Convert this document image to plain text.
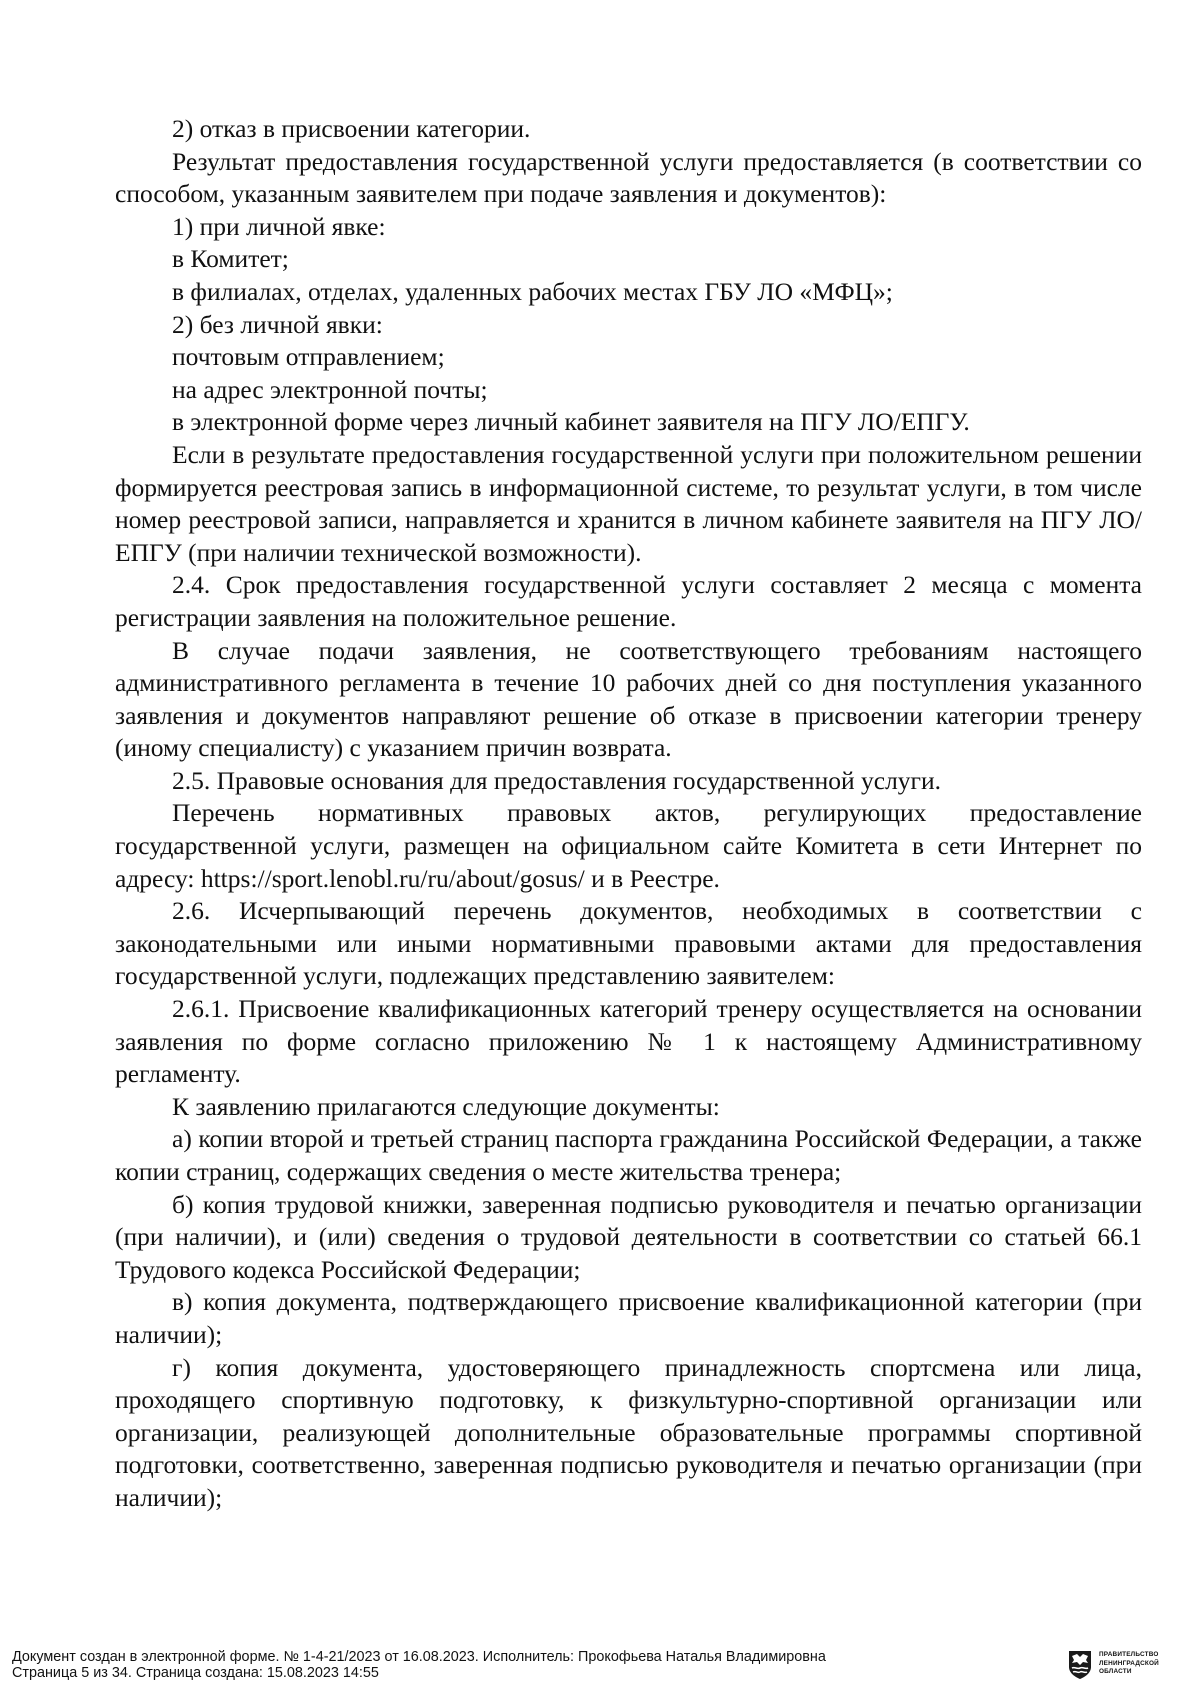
2) отказ в присвоении категории.

Результат предоставления государственной услуги предоставляется (в соответствии со способом, указанным заявителем при подаче заявления и документов):

1) при личной явке:

в Комитет;

в филиалах, отделах, удаленных рабочих местах ГБУ ЛО «МФЦ»;

2) без личной явки:

почтовым отправлением;

на адрес электронной почты;

в электронной форме через личный кабинет заявителя на ПГУ ЛО/ЕПГУ.

Если в результате предоставления государственной услуги при положительном решении формируется реестровая запись в информационной системе, то результат услуги, в том числе номер реестровой записи, направляется и хранится в личном кабинете заявителя на ПГУ ЛО/ЕПГУ (при наличии технической возможности).

2.4. Срок предоставления государственной услуги составляет 2 месяца с момента регистрации заявления на положительное решение.

В случае подачи заявления, не соответствующего требованиям настоящего административного регламента в течение 10 рабочих дней со дня поступления указанного заявления и документов направляют решение об отказе в присвоении категории тренеру (иному специалисту) с указанием причин возврата.

2.5. Правовые основания для предоставления государственной услуги.

Перечень нормативных правовых актов, регулирующих предоставление государственной услуги, размещен на официальном сайте Комитета в сети Интернет по адресу: https://sport.lenobl.ru/ru/about/gosus/ и в Реестре.

2.6. Исчерпывающий перечень документов, необходимых в соответствии с законодательными или иными нормативными правовыми актами для предоставления государственной услуги, подлежащих представлению заявителем:

2.6.1. Присвоение квалификационных категорий тренеру осуществляется на основании заявления по форме согласно приложению № 1 к настоящему Административному регламенту.

К заявлению прилагаются следующие документы:

а) копии второй и третьей страниц паспорта гражданина Российской Федерации, а также копии страниц, содержащих сведения о месте жительства тренера;

б) копия трудовой книжки, заверенная подписью руководителя и печатью организации (при наличии), и (или) сведения о трудовой деятельности в соответствии со статьей 66.1 Трудового кодекса Российской Федерации;

в) копия документа, подтверждающего присвоение квалификационной категории (при наличии);

г) копия документа, удостоверяющего принадлежность спортсмена или лица, проходящего спортивную подготовку, к физкультурно-спортивной организации или организации, реализующей дополнительные образовательные программы спортивной подготовки, соответственно, заверенная подписью руководителя и печатью организации (при наличии);

Документ создан в электронной форме. № 1-4-21/2023 от 16.08.2023. Исполнитель: Прокофьева Наталья Владимировна
Страница 5 из 34. Страница создана: 15.08.2023 14:55
ПРАВИТЕЛЬСТВО
ЛЕНИНГРАДСКОЙ
ОБЛАСТИ
